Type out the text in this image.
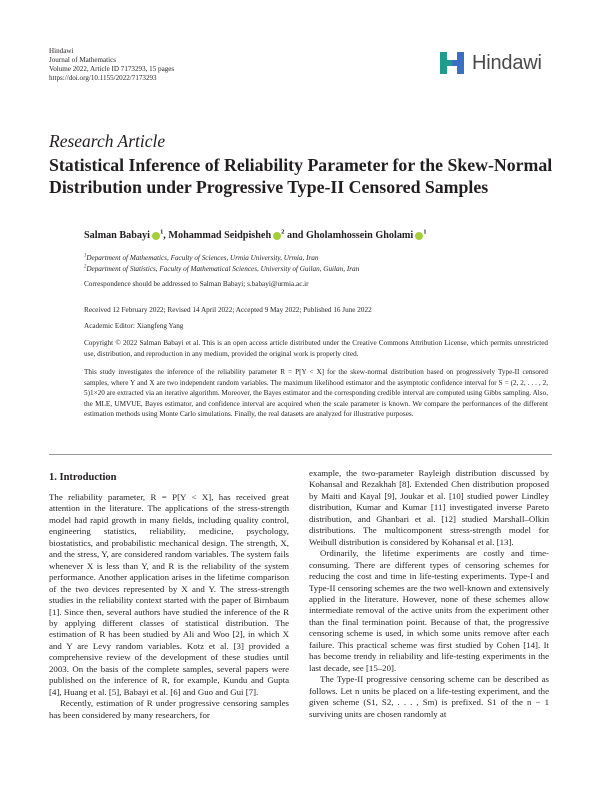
Hindawi
Journal of Mathematics
Volume 2022, Article ID 7173293, 15 pages
https://doi.org/10.1155/2022/7173293
Hindawi
Research Article
Statistical Inference of Reliability Parameter for the Skew-Normal Distribution under Progressive Type-II Censored Samples
Salman Babayi $^1$, Mohammad Seidpisheh $^2$ and Gholamhossein Gholami $^1$
$^1$Department of Mathematics, Faculty of Sciences, Urmia University, Urmia, Iran
$^2$Department of Statistics, Faculty of Mathematical Sciences, University of Guilan, Guilan, Iran
Correspondence should be addressed to Salman Babayi; s.babayi@urmia.ac.ir
Received 12 February 2022; Revised 14 April 2022; Accepted 9 May 2022; Published 16 June 2022
Academic Editor: Xiangfeng Yang
Copyright © 2022 Salman Babayi et al. This is an open access article distributed under the Creative Commons Attribution License, which permits unrestricted use, distribution, and reproduction in any medium, provided the original work is properly cited.
This study investigates the inference of the reliability parameter R = P[Y < X] for the skew-normal distribution based on progressively Type-II censored samples, where Y and X are two independent random variables. The maximum likelihood estimator and the asymptotic confidence interval for S = (2, 2, . . . , 2, 5)1×20 are extracted via an iterative algorithm. Moreover, the Bayes estimator and the corresponding credible interval are computed using Gibbs sampling. Also, the MLE, UMVUE, Bayes estimator, and confidence interval are acquired when the scale parameter is known. We compare the performances of the different estimation methods using Monte Carlo simulations. Finally, the real datasets are analyzed for illustrative purposes.
1. Introduction

The reliability parameter, R = P[Y < X], has received great attention in the literature. The applications of the stress-strength model had rapid growth in many fields, including quality control, engineering statistics, reliability, medicine, psychology, biostatistics, and probabilistic mechanical design. The strength, X, and the stress, Y, are considered random variables. The system fails whenever X is less than Y, and R is the reliability of the system performance. Another application arises in the lifetime comparison of the two devices represented by X and Y. The stress-strength studies in the reliability context started with the paper of Birnbaum [1]. Since then, several authors have studied the inference of the R by applying different classes of statistical distribution. The estimation of R has been studied by Ali and Woo [2], in which X and Y are Levy random variables. Kotz et al. [3] provided a comprehensive review of the development of these studies until 2003. On the basis of the complete samples, several papers were published on the inference of R, for example, Kundu and Gupta [4], Huang et al. [5], Babayi et al. [6] and Guo and Gui [7].

Recently, estimation of R under progressive censoring samples has been considered by many researchers, for

example, the two-parameter Rayleigh distribution discussed by Kohansal and Rezakhah [8]. Extended Chen distribution proposed by Maiti and Kayal [9], Joukar et al. [10] studied power Lindley distribution, Kumar and Kumar [11] investigated inverse Pareto distribution, and Ghanbari et al. [12] studied Marshall–Olkin distributions. The multicomponent stress-strength model for Weibull distribution is considered by Kohansal et al. [13].

Ordinarily, the lifetime experiments are costly and time-consuming. There are different types of censoring schemes for reducing the cost and time in life-testing experiments. Type-I and Type-II censoring schemes are the two well-known and extensively applied in the literature. However, none of these schemes allow intermediate removal of the active units from the experiment other than the final termination point. Because of that, the progressive censoring scheme is used, in which some units remove after each failure. This practical scheme was first studied by Cohen [14]. It has become trendy in reliability and life-testing experiments in the last decade, see [15–20].

The Type-II progressive censoring scheme can be described as follows. Let n units be placed on a life-testing experiment, and the given scheme (S1, S2, . . . , Sm) is prefixed. S1 of the n − 1 surviving units are chosen randomly at
